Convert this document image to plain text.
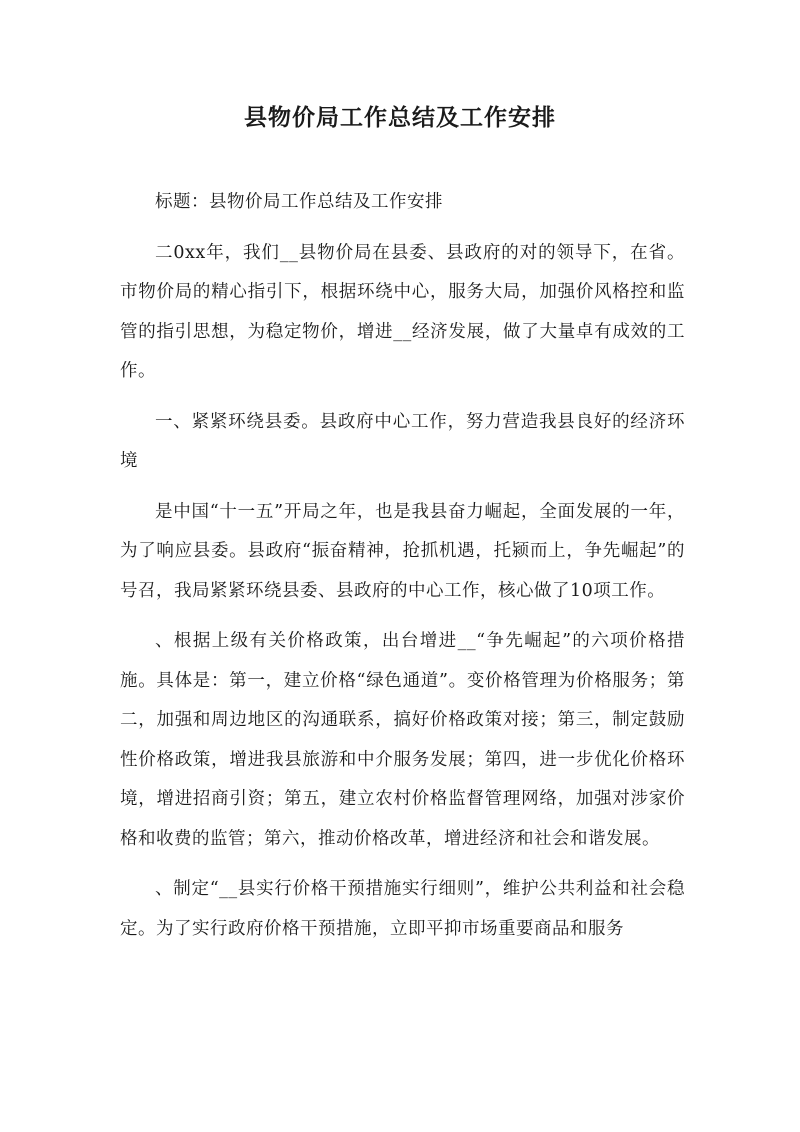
县物价局工作总结及工作安排

标题：县物价局工作总结及工作安排

二0xx年，我们__县物价局在县委、县政府的对的领导下，在省。市物价局的精心指引下，根据环绕中心，服务大局，加强价风格控和监管的指引思想，为稳定物价，增进__经济发展，做了大量卓有成效的工作。

一、紧紧环绕县委。县政府中心工作，努力营造我县良好的经济环境

是中国“十一五”开局之年，也是我县奋力崛起，全面发展的一年，为了响应县委。县政府“振奋精神，抢抓机遇，托颍而上，争先崛起”的号召，我局紧紧环绕县委、县政府的中心工作，核心做了10项工作。

、根据上级有关价格政策，出台增进__“争先崛起”的六项价格措施。具体是：第一，建立价格“绿色通道”。变价格管理为价格服务；第二，加强和周边地区的沟通联系，搞好价格政策对接；第三，制定鼓励性价格政策，增进我县旅游和中介服务发展；第四，进一步优化价格环境，增进招商引资；第五，建立农村价格监督管理网络，加强对涉家价格和收费的监管；第六，推动价格改革，增进经济和社会和谐发展。

、制定“__县实行价格干预措施实行细则”，维护公共利益和社会稳定。为了实行政府价格干预措施，立即平抑市场重要商品和服务
